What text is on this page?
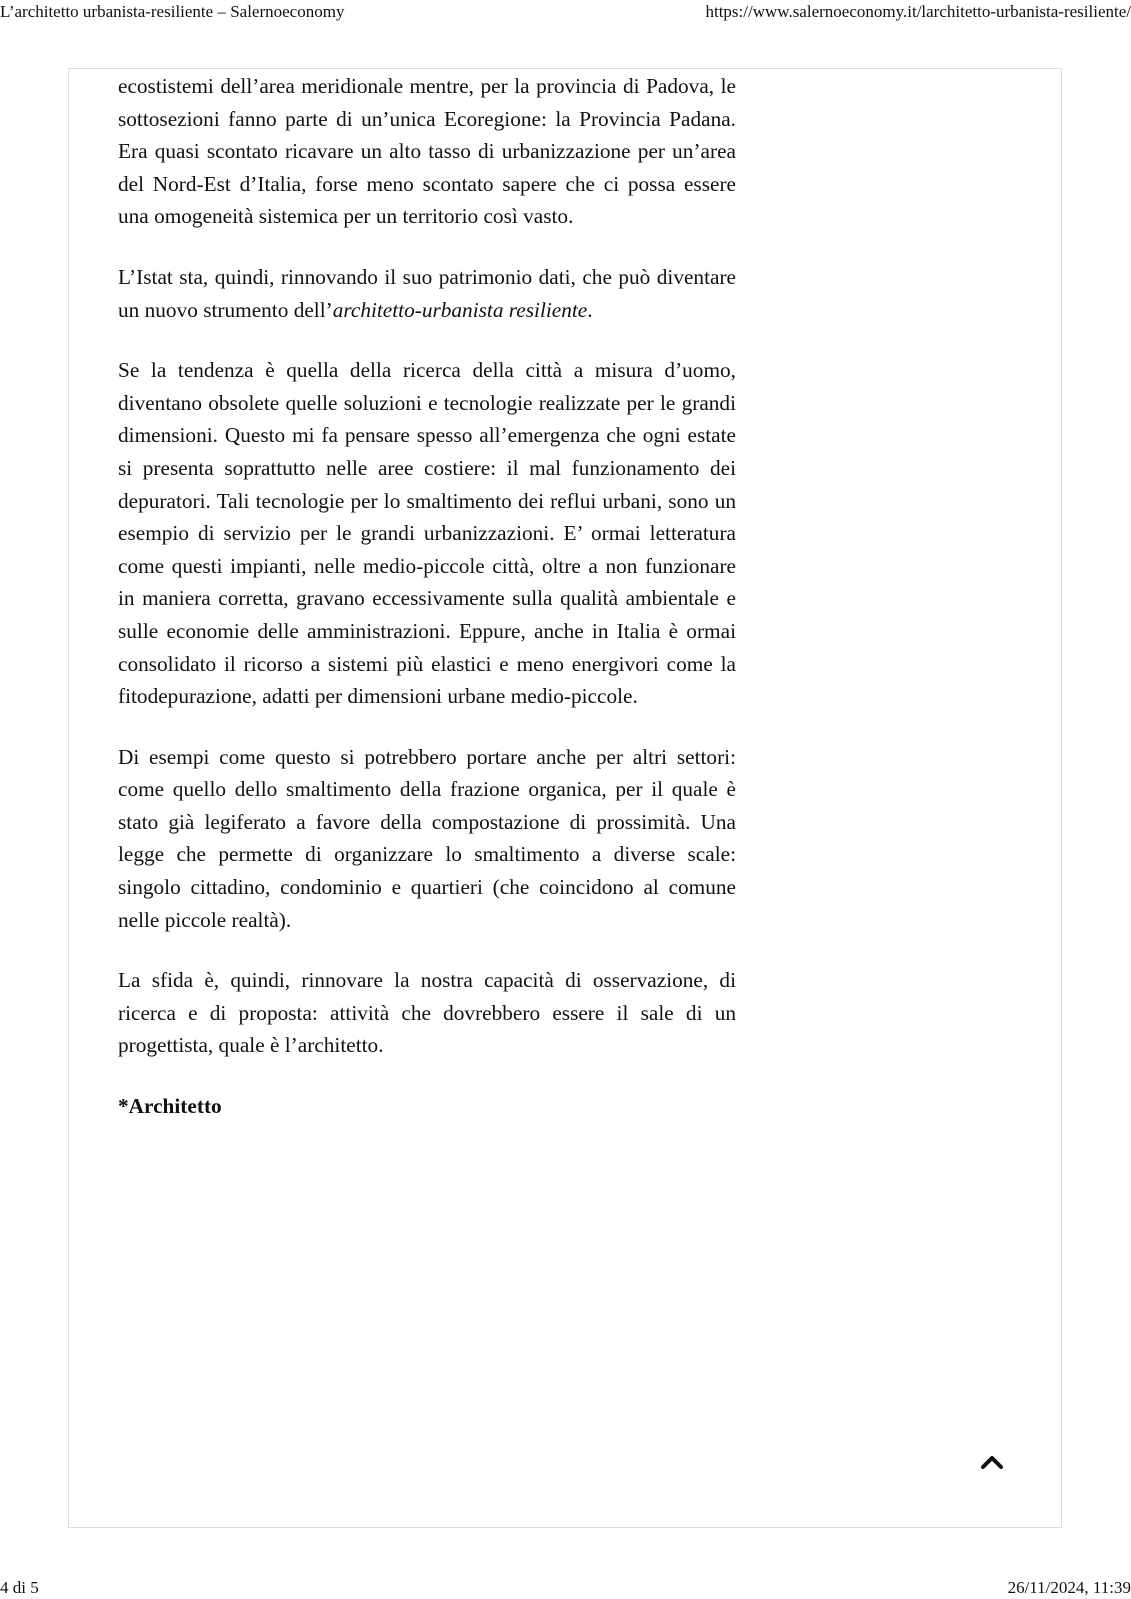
L’architetto urbanista-resiliente – Salernoeconomy	https://www.salernoeconomy.it/larchitetto-urbanista-resiliente/

ecostistemi dell’area meridionale mentre, per la provincia di Padova, le sottosezioni fanno parte di un’unica Ecoregione: la Provincia Padana. Era quasi scontato ricavare un alto tasso di urbanizzazione per un’area del Nord-Est d’Italia, forse meno scontato sapere che ci possa essere una omogeneità sistemica per un territorio così vasto.

L’Istat sta, quindi, rinnovando il suo patrimonio dati, che può diventare un nuovo strumento dell’architetto-urbanista resiliente.

Se la tendenza è quella della ricerca della città a misura d’uomo, diventano obsolete quelle soluzioni e tecnologie realizzate per le grandi dimensioni. Questo mi fa pensare spesso all’emergenza che ogni estate si presenta soprattutto nelle aree costiere: il mal funzionamento dei depuratori. Tali tecnologie per lo smaltimento dei reflui urbani, sono un esempio di servizio per le grandi urbanizzazioni. E’ ormai letteratura come questi impianti, nelle medio-piccole città, oltre a non funzionare in maniera corretta, gravano eccessivamente sulla qualità ambientale e sulle economie delle amministrazioni. Eppure, anche in Italia è ormai consolidato il ricorso a sistemi più elastici e meno energivori come la fitodepurazione, adatti per dimensioni urbane medio-piccole.

Di esempi come questo si potrebbero portare anche per altri settori: come quello dello smaltimento della frazione organica, per il quale è stato già legiferato a favore della compostazione di prossimità. Una legge che permette di organizzare lo smaltimento a diverse scale: singolo cittadino, condominio e quartieri (che coincidono al comune nelle piccole realtà).

La sfida è, quindi, rinnovare la nostra capacità di osservazione, di ricerca e di proposta: attività che dovrebbero essere il sale di un progettista, quale è l’architetto.

*Architetto

4 di 5	26/11/2024, 11:39
